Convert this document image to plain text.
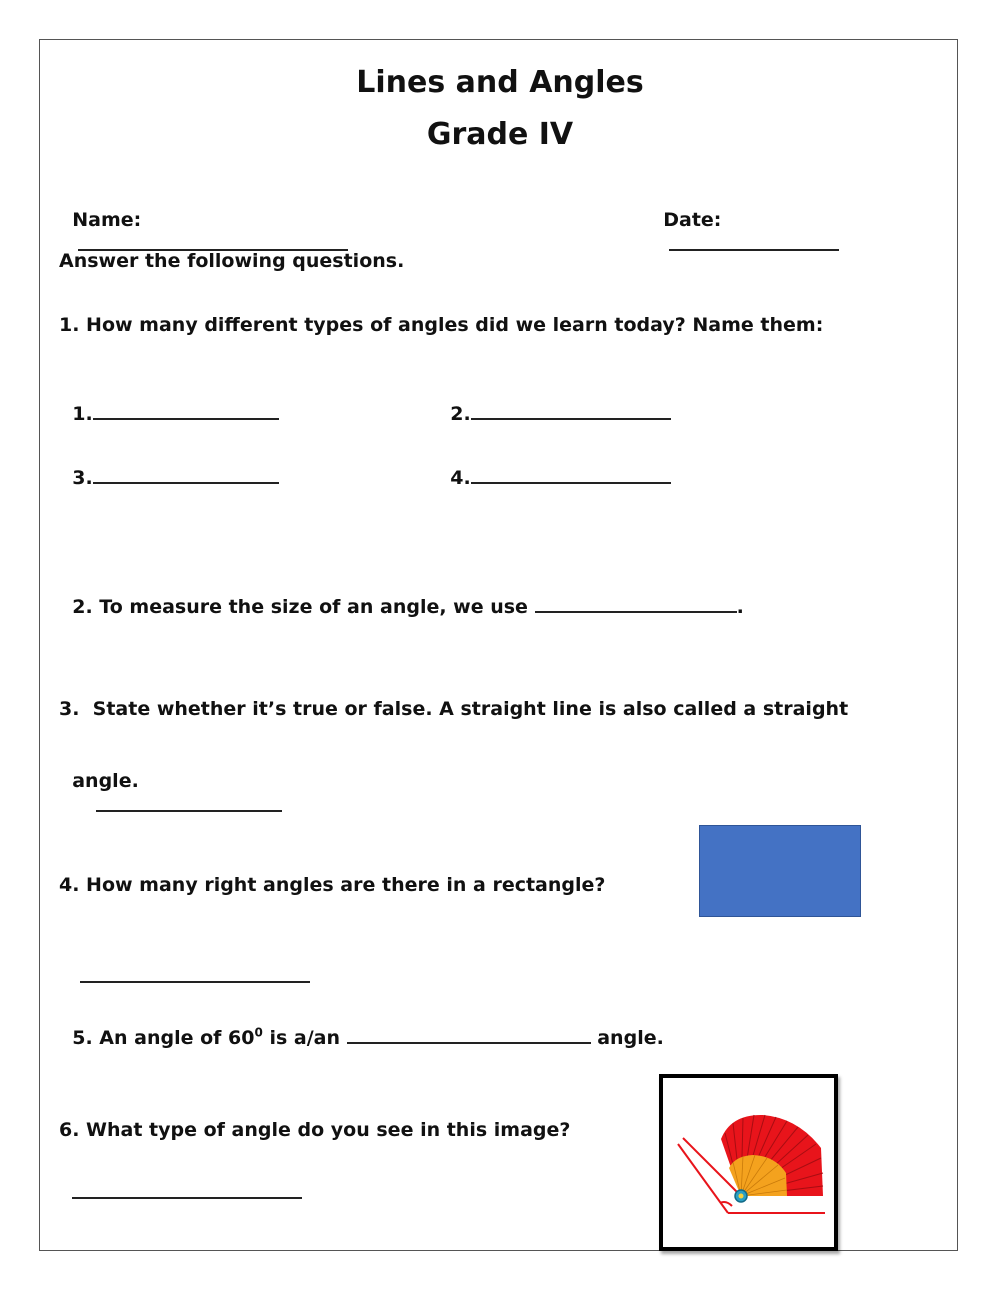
Lines and Angles
Grade IV

Name:
	Date:

Answer the following questions.
1. How many different types of angles did we learn today? Name them:

1.	2.

3.	4.

2. To measure the size of an angle, we use	.

3.  State whether it’s true or false. A straight line is also called a straight

angle.

4. How many right angles are there in a rectangle?

5. An angle of $60^0$ is a/an	angle.

6. What type of angle do you see in this image?
